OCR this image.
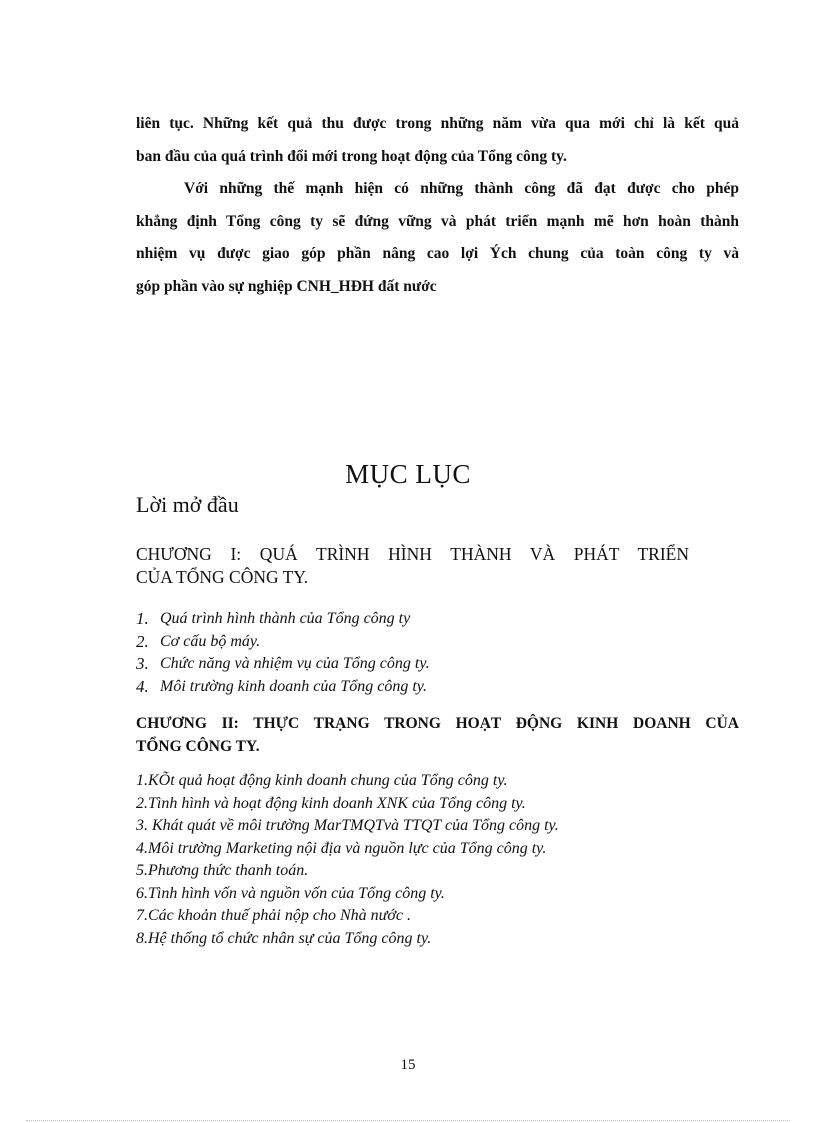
liên tục. Những kết quả thu được trong những năm vừa qua mới chỉ là kết quả
ban đầu của quá trình đổi mới trong hoạt động của Tổng công ty.
Với những thế mạnh hiện có những thành công đã đạt được cho phép
khẳng định Tổng công ty sẽ đứng vững và phát triển mạnh mẽ hơn hoàn thành
nhiệm vụ được giao góp phần nâng cao lợi Ých chung của toàn công ty và
góp phần vào sự nghiệp CNH_HĐH đất nước
MỤC LỤC
Lời mở đầu
CHƯƠNG I: QUÁ TRÌNH HÌNH THÀNH VÀ PHÁT TRIỂN
CỦA TỔNG CÔNG TY.
1. Quá trình hình thành của Tổng công ty
2. Cơ cấu bộ máy.
3. Chức năng và nhiệm vụ của Tổng công ty.
4. Môi trường kinh doanh của Tổng công ty.
CHƯƠNG II: THỰC TRẠNG TRONG HOẠT ĐỘNG KINH DOANH CỦA
TỔNG CÔNG TY.
1.KÕt quả hoạt động kinh doanh chung của Tổng công ty.
2.Tình hình và hoạt động kinh doanh XNK của Tổng công ty.
3. Khát quát về môi trường MarTMQTvà TTQT của Tổng công ty.
4.Môi trường Marketing nội địa và nguồn lực của Tổng công ty.
5.Phương thức thanh toán.
6.Tình hình vốn và nguồn vốn của Tổng công ty.
7.Các khoản thuế phải nộp cho Nhà nước .
8.Hệ thống tổ chức nhân sự của Tổng công ty.
15
